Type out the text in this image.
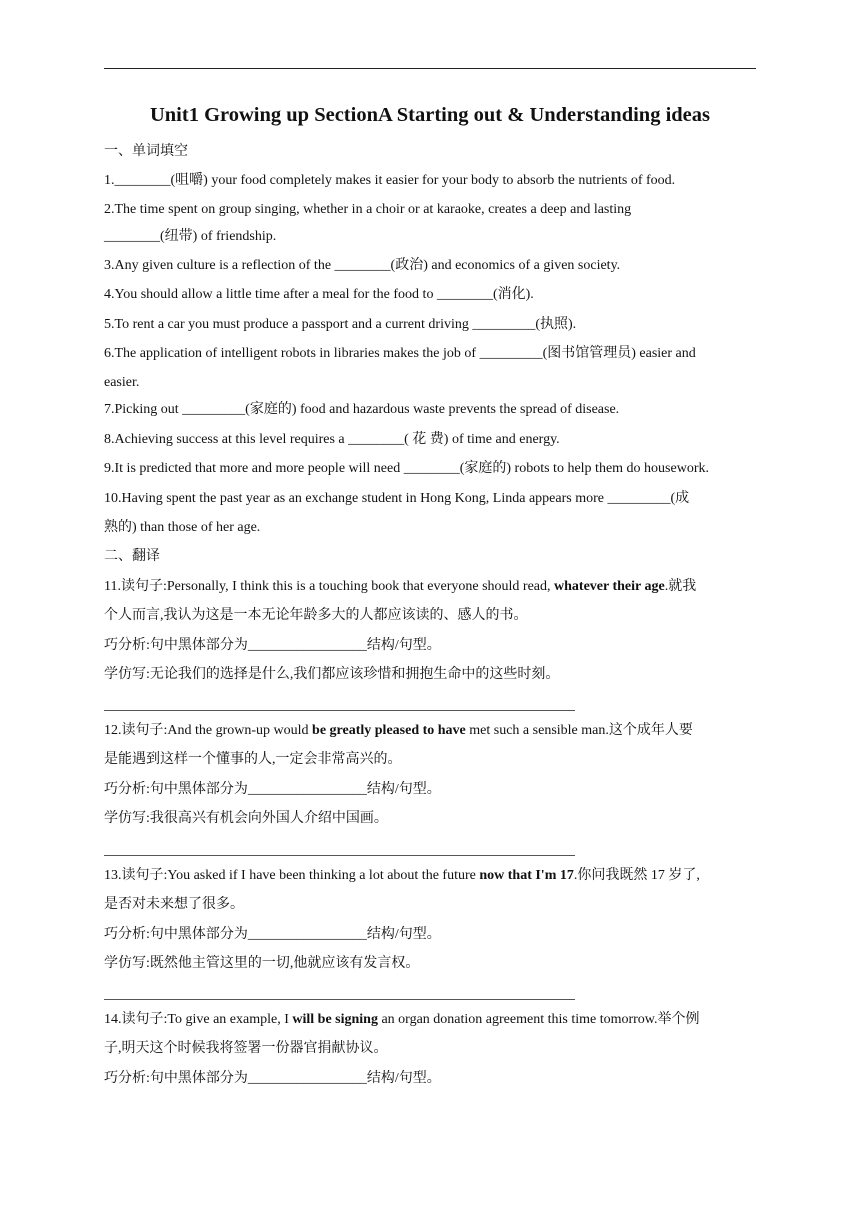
Unit1 Growing up SectionA Starting out & Understanding ideas
一、单词填空
1.________(咀嚼) your food completely makes it easier for your body to absorb the nutrients of food.
2.The time spent on group singing, whether in a choir or at karaoke, creates a deep and lasting
________(纽带) of friendship.
3.Any given culture is a reflection of the ________(政治) and economics of a given society.
4.You should allow a little time after a meal for the food to ________(消化).
5.To rent a car you must produce a passport and a current driving _________(执照).
6.The application of intelligent robots in libraries makes the job of _________(图书馆管理员) easier and
easier.
7.Picking out _________(家庭的) food and hazardous waste prevents the spread of disease.
8.Achieving success at this level requires a ________( 花 费) of time and energy.
9.It is predicted that more and more people will need ________(家庭的) robots to help them do housework.
10.Having spent the past year as an exchange student in Hong Kong, Linda appears more _________(成
熟的) than those of her age.
二、翻译
11.读句子:Personally, I think this is a touching book that everyone should read, whatever their age.就我
个人而言,我认为这是一本无论年龄多大的人都应该读的、感人的书。
巧分析:句中黑体部分为_________________结构/句型。
学仿写:无论我们的选择是什么,我们都应该珍惜和拥抱生命中的这些时刻。
12.读句子:And the grown-up would be greatly pleased to have met such a sensible man.这个成年人要
是能遇到这样一个懂事的人,一定会非常高兴的。
巧分析:句中黑体部分为_________________结构/句型。
学仿写:我很高兴有机会向外国人介绍中国画。
13.读句子:You asked if I have been thinking a lot about the future now that I'm 17.你问我既然 17 岁了,
是否对未来想了很多。
巧分析:句中黑体部分为_________________结构/句型。
学仿写:既然他主管这里的一切,他就应该有发言权。
14.读句子:To give an example, I will be signing an organ donation agreement this time tomorrow.举个例
子,明天这个时候我将签署一份器官捐献协议。
巧分析:句中黑体部分为_________________结构/句型。
